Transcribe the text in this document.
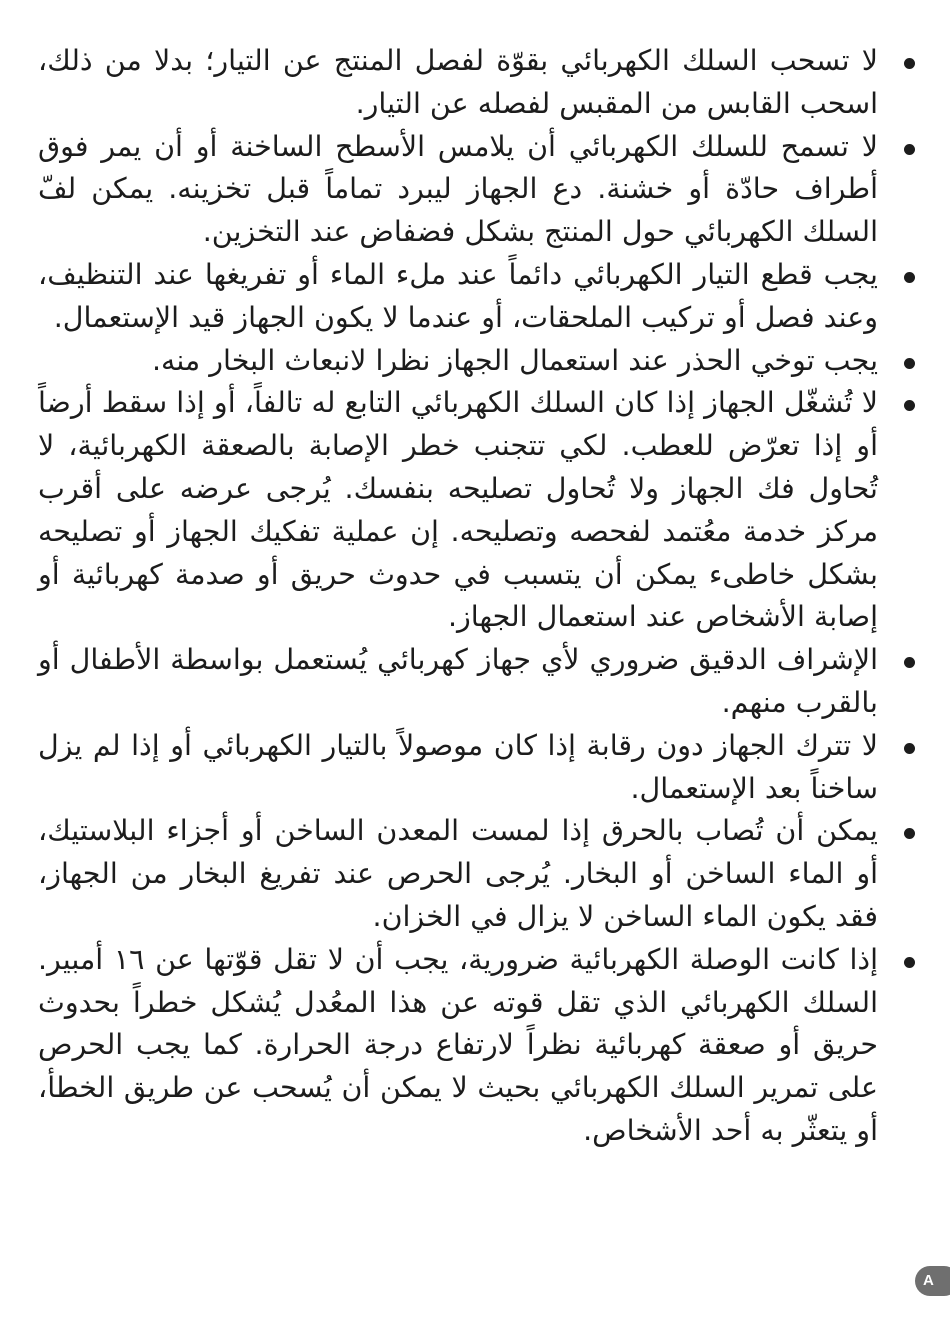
لا تسحب السلك الكهربائي بقوّة لفصل المنتج عن التيار؛ بدلا من ذلك، اسحب القابس من المقبس لفصله عن التيار.
لا تسمح للسلك الكهربائي أن يلامس الأسطح الساخنة أو أن يمر فوق أطراف حادّة أو خشنة. دع الجهاز ليبرد تماماً قبل تخزينه. يمكن لفّ السلك الكهربائي حول المنتج بشكل فضفاض عند التخزين.
يجب قطع التيار الكهربائي دائماً عند ملء الماء أو تفريغها عند التنظيف، وعند فصل أو تركيب الملحقات، أو عندما لا يكون الجهاز قيد الإستعمال.
يجب توخي الحذر عند استعمال الجهاز نظرا لانبعاث البخار منه.
لا تُشغّل الجهاز إذا كان السلك الكهربائي التابع له تالفاً، أو إذا سقط أرضاً أو إذا تعرّض للعطب. لكي تتجنب خطر الإصابة بالصعقة الكهربائية، لا تُحاول فك الجهاز ولا تُحاول تصليحه بنفسك. يُرجى عرضه على أقرب مركز خدمة معُتمد لفحصه وتصليحه. إن عملية تفكيك الجهاز أو تصليحه بشكل خاطىء يمكن أن يتسبب في حدوث حريق أو صدمة كهربائية أو إصابة الأشخاص عند استعمال الجهاز.
الإشراف الدقيق ضروري لأي جهاز كهربائي يُستعمل بواسطة الأطفال أو بالقرب منهم.
لا تترك الجهاز دون رقابة إذا كان موصولاً بالتيار الكهربائي أو إذا لم يزل ساخناً بعد الإستعمال.
يمكن أن تُصاب بالحرق إذا لمست المعدن الساخن أو أجزاء البلاستيك، أو الماء الساخن أو البخار. يُرجى الحرص عند تفريغ البخار من الجهاز، فقد يكون الماء الساخن لا يزال في الخزان.
إذا كانت الوصلة الكهربائية ضرورية، يجب أن لا تقل قوّتها عن ١٦ أمبير. السلك الكهربائي الذي تقل قوته عن هذا المعُدل يُشكل خطراً بحدوث حريق أو صعقة كهربائية نظراً لارتفاع درجة الحرارة. كما يجب الحرص على تمرير السلك الكهربائي بحيث لا يمكن أن يُسحب عن طريق الخطأ، أو يتعثّر به أحد الأشخاص.
A
